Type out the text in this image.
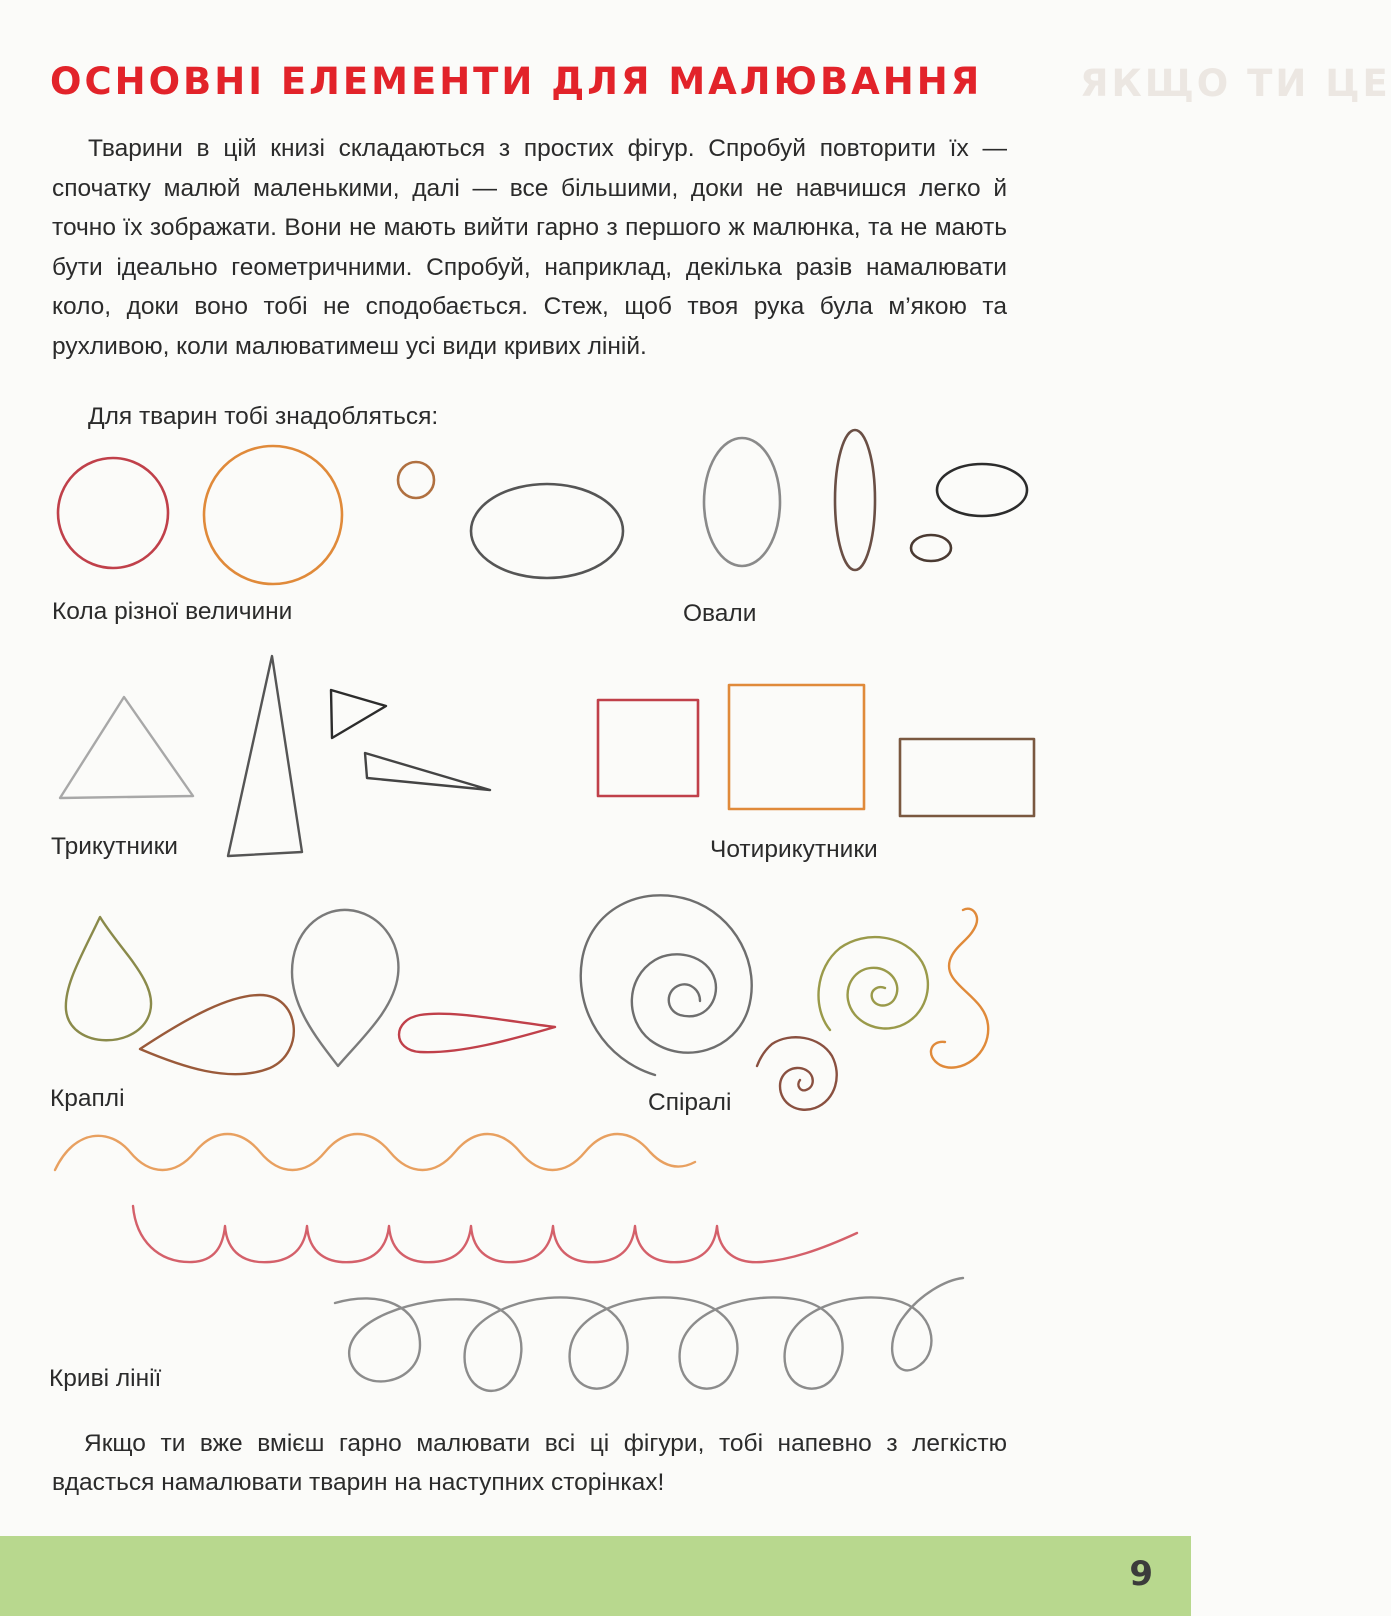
ОСНОВНІ ЕЛЕМЕНТИ ДЛЯ МАЛЮВАННЯ	ЯКЩО ТИ ЦЕ

Тварини в цій книзі складаються з простих фігур. Спробуй повторити їх — спочатку малюй маленькими, далі — все більшими, доки не навчишся легко й точно їх зображати. Вони не мають вийти гарно з першого ж малюнка, та не мають бути ідеально геометричними. Спробуй, наприклад, декілька разів намалювати коло, доки воно тобі не сподобається. Стеж, щоб твоя рука була м’якою та рухливою, коли малюватимеш усі види кривих ліній.

Для тварин тобі знадобляться:
Кола різної величини	Овали
Трикутники	Чотирикутники
Краплі	Спіралі
Криві лінії

Якщо ти вже вмієш гарно малювати всі ці фігури, тобі напевно з легкістю вдасться намалювати тварин на наступних сторінках!

9
